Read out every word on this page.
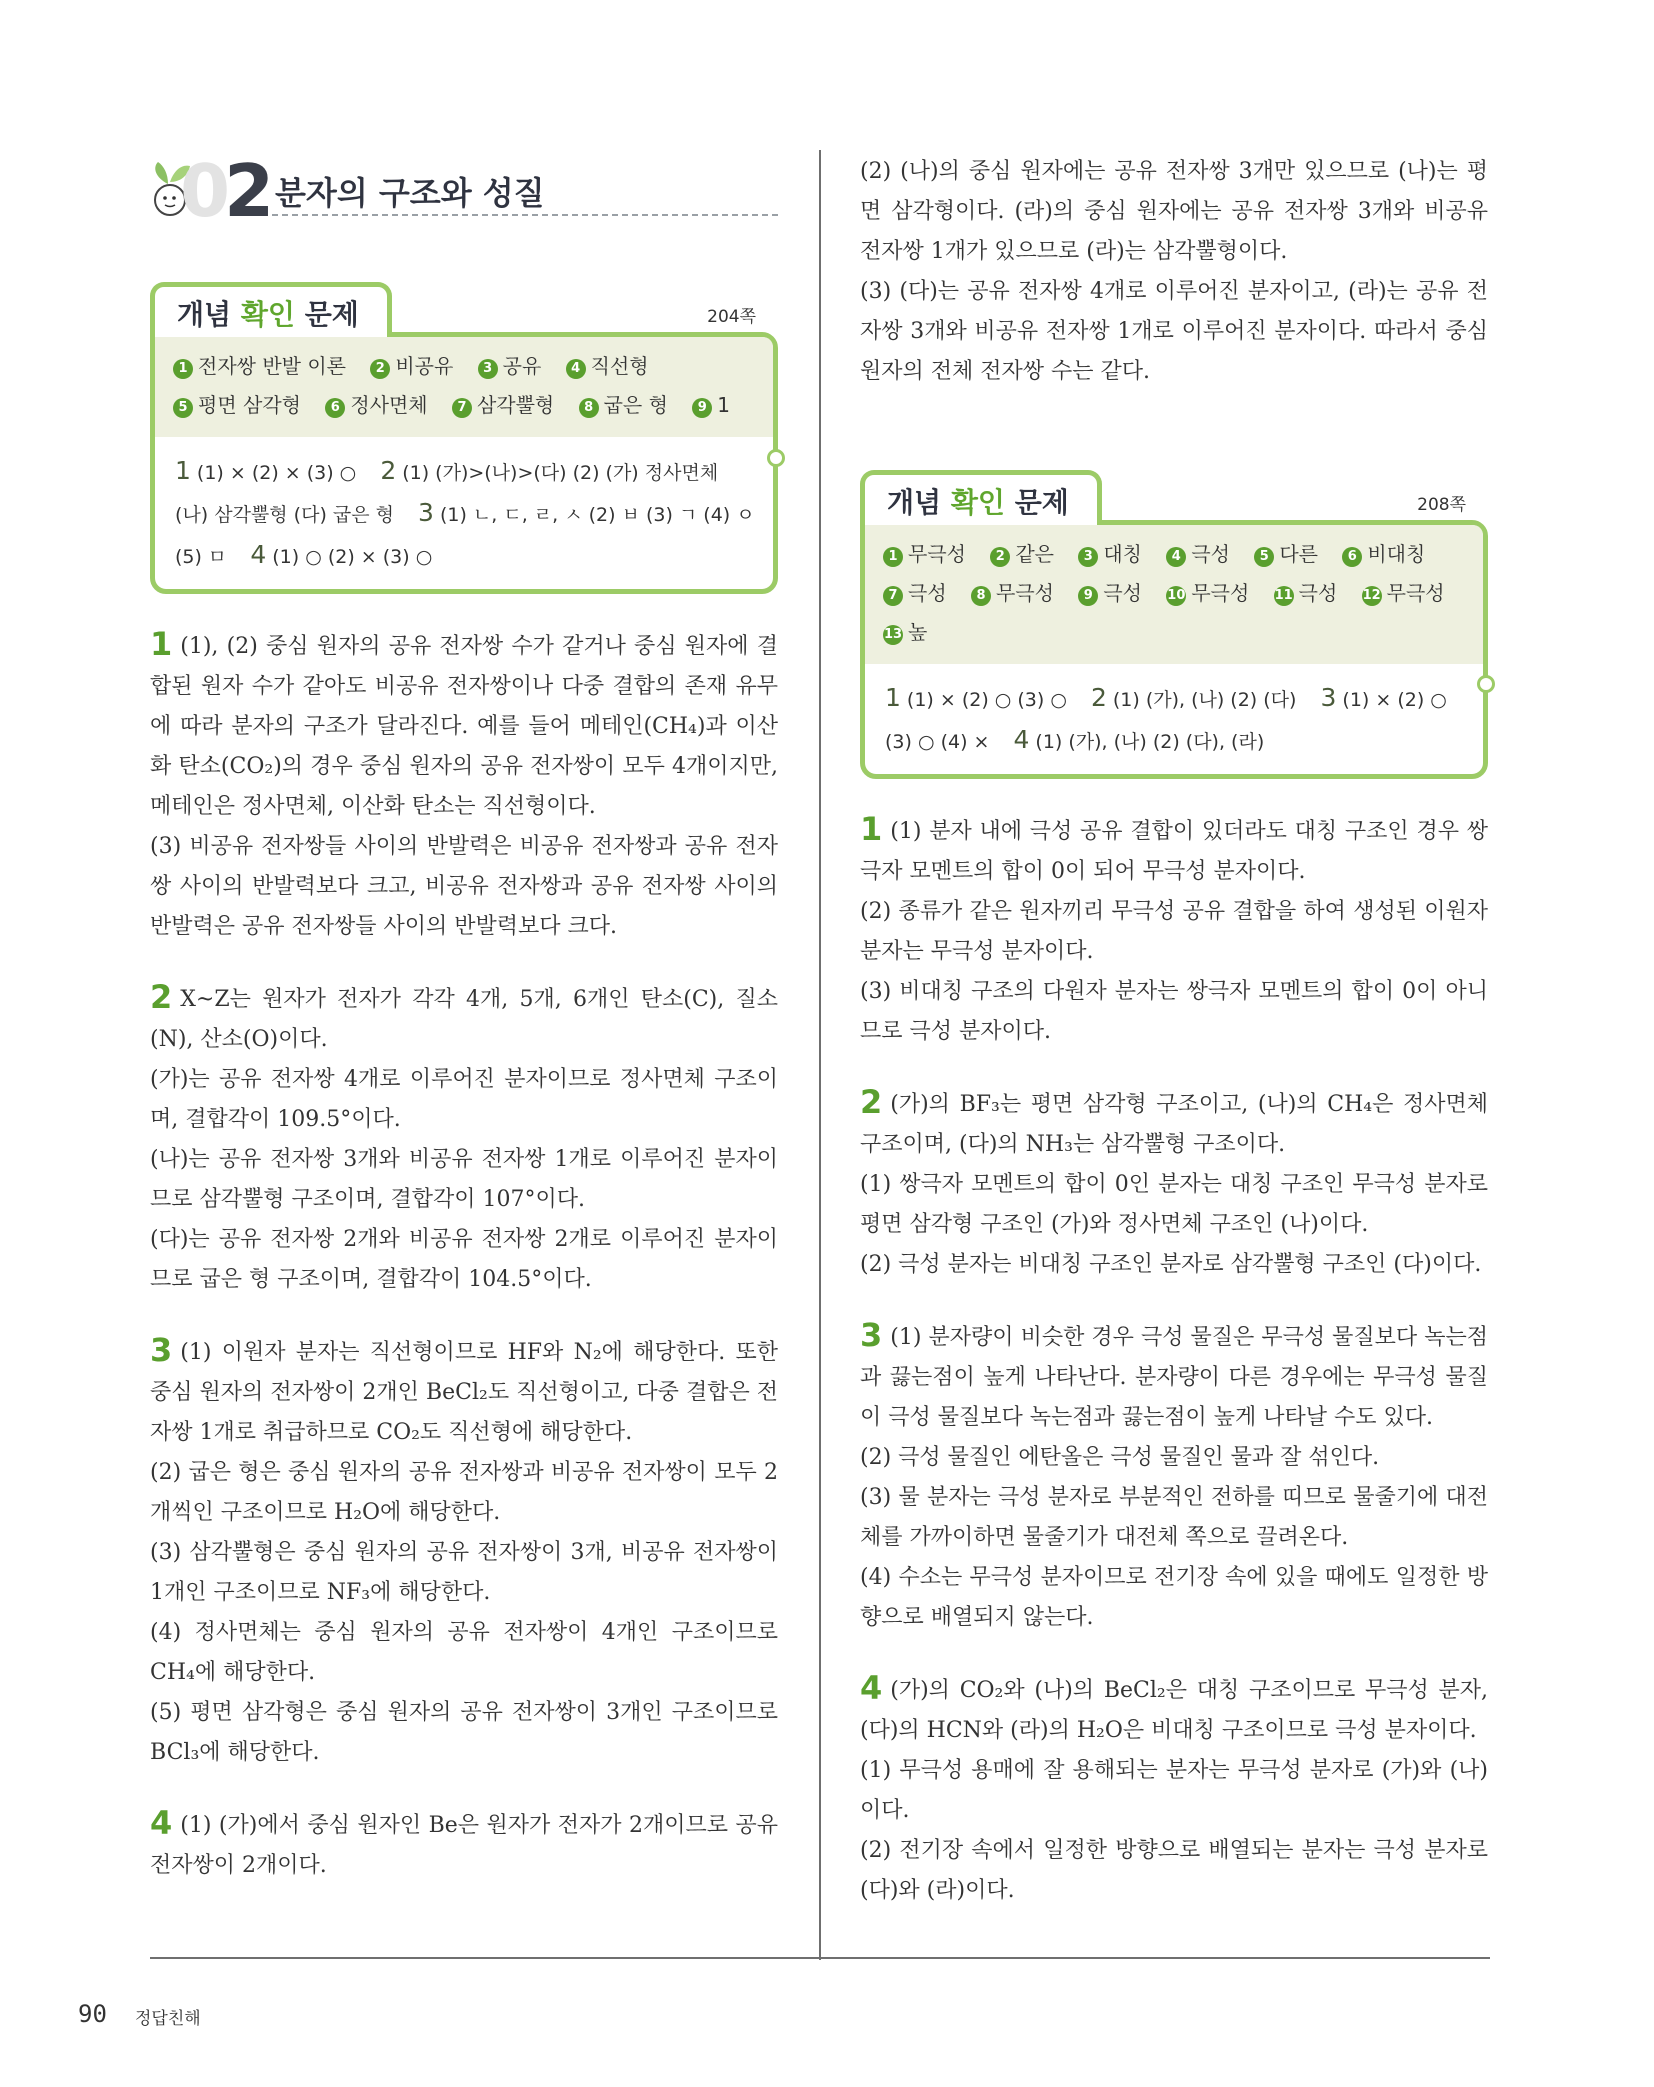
02 분자의 구조와 성질
개념 확인 문제	204쪽
1 전자쌍 반발 이론 2 비공유 3 공유 4 직선형 5 평면 삼각형 6 정사면체 7 삼각뿔형 8 굽은 형 9 1
1 (1) × (2) × (3) ○ 2 (1) (가)>(나)>(다) (2) (가) 정사면체 (나) 삼각뿔형 (다) 굽은 형 3 (1) ㄴ, ㄷ, ㄹ, ㅅ (2) ㅂ (3) ㄱ (4) ㅇ (5) ㅁ 4 (1) ○ (2) × (3) ○

1 (1), (2) 중심 원자의 공유 전자쌍 수가 같거나 중심 원자에 결합된 원자 수가 같아도 비공유 전자쌍이나 다중 결합의 존재 유무에 따라 분자의 구조가 달라진다. 예를 들어 메테인(CH₄)과 이산화 탄소(CO₂)의 경우 중심 원자의 공유 전자쌍이 모두 4개이지만, 메테인은 정사면체, 이산화 탄소는 직선형이다.

(3) 비공유 전자쌍들 사이의 반발력은 비공유 전자쌍과 공유 전자쌍 사이의 반발력보다 크고, 비공유 전자쌍과 공유 전자쌍 사이의 반발력은 공유 전자쌍들 사이의 반발력보다 크다.

2 X~Z는 원자가 전자가 각각 4개, 5개, 6개인 탄소(C), 질소(N), 산소(O)이다.

(가)는 공유 전자쌍 4개로 이루어진 분자이므로 정사면체 구조이며, 결합각이 109.5°이다.

(나)는 공유 전자쌍 3개와 비공유 전자쌍 1개로 이루어진 분자이므로 삼각뿔형 구조이며, 결합각이 107°이다.

(다)는 공유 전자쌍 2개와 비공유 전자쌍 2개로 이루어진 분자이므로 굽은 형 구조이며, 결합각이 104.5°이다.

3 (1) 이원자 분자는 직선형이므로 HF와 N₂에 해당한다. 또한 중심 원자의 전자쌍이 2개인 BeCl₂도 직선형이고, 다중 결합은 전자쌍 1개로 취급하므로 CO₂도 직선형에 해당한다.

(2) 굽은 형은 중심 원자의 공유 전자쌍과 비공유 전자쌍이 모두 2개씩인 구조이므로 H₂O에 해당한다.

(3) 삼각뿔형은 중심 원자의 공유 전자쌍이 3개, 비공유 전자쌍이 1개인 구조이므로 NF₃에 해당한다.

(4) 정사면체는 중심 원자의 공유 전자쌍이 4개인 구조이므로 CH₄에 해당한다.

(5) 평면 삼각형은 중심 원자의 공유 전자쌍이 3개인 구조이므로 BCl₃에 해당한다.

4 (1) (가)에서 중심 원자인 Be은 원자가 전자가 2개이므로 공유 전자쌍이 2개이다.

(2) (나)의 중심 원자에는 공유 전자쌍 3개만 있으므로 (나)는 평면 삼각형이다. (라)의 중심 원자에는 공유 전자쌍 3개와 비공유 전자쌍 1개가 있으므로 (라)는 삼각뿔형이다.

(3) (다)는 공유 전자쌍 4개로 이루어진 분자이고, (라)는 공유 전자쌍 3개와 비공유 전자쌍 1개로 이루어진 분자이다. 따라서 중심 원자의 전체 전자쌍 수는 같다.

개념 확인 문제	208쪽
1 무극성 2 같은 3 대칭 4 극성 5 다른 6 비대칭 7 극성 8 무극성 9 극성 10 무극성 11 극성 12 무극성 13 높
1 (1) × (2) ○ (3) ○ 2 (1) (가), (나) (2) (다) 3 (1) × (2) ○ (3) ○ (4) × 4 (1) (가), (나) (2) (다), (라)

1 (1) 분자 내에 극성 공유 결합이 있더라도 대칭 구조인 경우 쌍극자 모멘트의 합이 0이 되어 무극성 분자이다.

(2) 종류가 같은 원자끼리 무극성 공유 결합을 하여 생성된 이원자 분자는 무극성 분자이다.

(3) 비대칭 구조의 다원자 분자는 쌍극자 모멘트의 합이 0이 아니므로 극성 분자이다.

2 (가)의 BF₃는 평면 삼각형 구조이고, (나)의 CH₄은 정사면체 구조이며, (다)의 NH₃는 삼각뿔형 구조이다.

(1) 쌍극자 모멘트의 합이 0인 분자는 대칭 구조인 무극성 분자로 평면 삼각형 구조인 (가)와 정사면체 구조인 (나)이다.

(2) 극성 분자는 비대칭 구조인 분자로 삼각뿔형 구조인 (다)이다.

3 (1) 분자량이 비슷한 경우 극성 물질은 무극성 물질보다 녹는점과 끓는점이 높게 나타난다. 분자량이 다른 경우에는 무극성 물질이 극성 물질보다 녹는점과 끓는점이 높게 나타날 수도 있다.

(2) 극성 물질인 에탄올은 극성 물질인 물과 잘 섞인다.

(3) 물 분자는 극성 분자로 부분적인 전하를 띠므로 물줄기에 대전체를 가까이하면 물줄기가 대전체 쪽으로 끌려온다.

(4) 수소는 무극성 분자이므로 전기장 속에 있을 때에도 일정한 방향으로 배열되지 않는다.

4 (가)의 CO₂와 (나)의 BeCl₂은 대칭 구조이므로 무극성 분자, (다)의 HCN와 (라)의 H₂O은 비대칭 구조이므로 극성 분자이다.

(1) 무극성 용매에 잘 용해되는 분자는 무극성 분자로 (가)와 (나)이다.

(2) 전기장 속에서 일정한 방향으로 배열되는 분자는 극성 분자로 (다)와 (라)이다.

90 정답친해
